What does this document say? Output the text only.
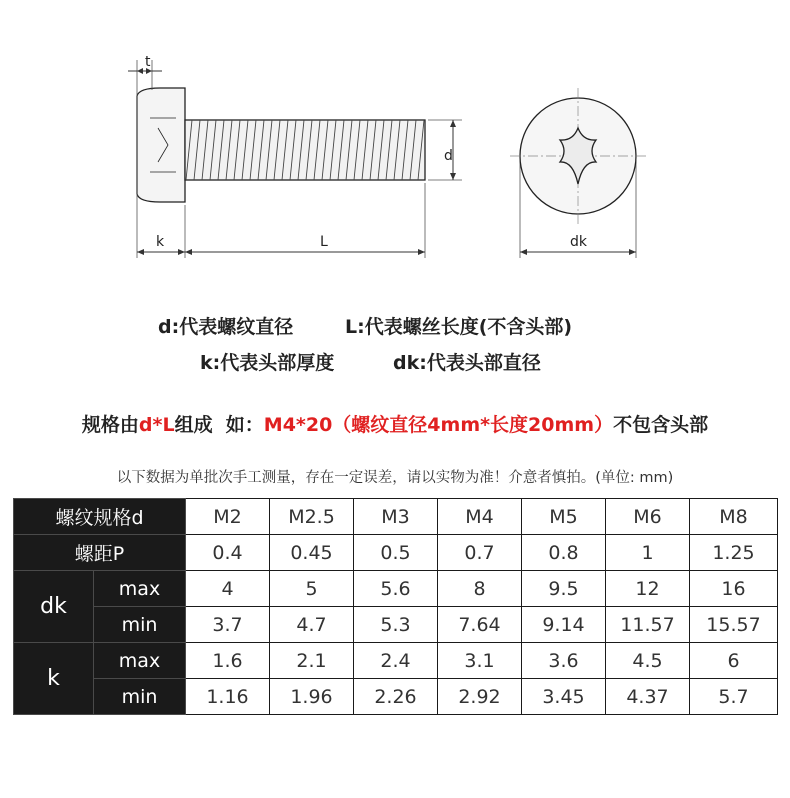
t
k	L
d
dk
d:代表螺纹直径	L:代表螺丝长度(不含头部)
k:代表头部厚度	dk:代表头部直径
规格由d*L组成  如：M4*20（螺纹直径4mm*长度20mm）不包含头部
以下数据为单批次手工测量，存在一定误差，请以实物为准！介意者慎拍。(单位: mm)
螺纹规格d		M2	M2.5	M3	M4	M5	M6	M8
螺距P		0.4	0.45	0.5	0.7	0.8	1	1.25
dk	max	4	5	5.6	8	9.5	12	16
	min	3.7	4.7	5.3	7.64	9.14	11.57	15.57
k	max	1.6	2.1	2.4	3.1	3.6	4.5	6
	min	1.16	1.96	2.26	2.92	3.45	4.37	5.7
